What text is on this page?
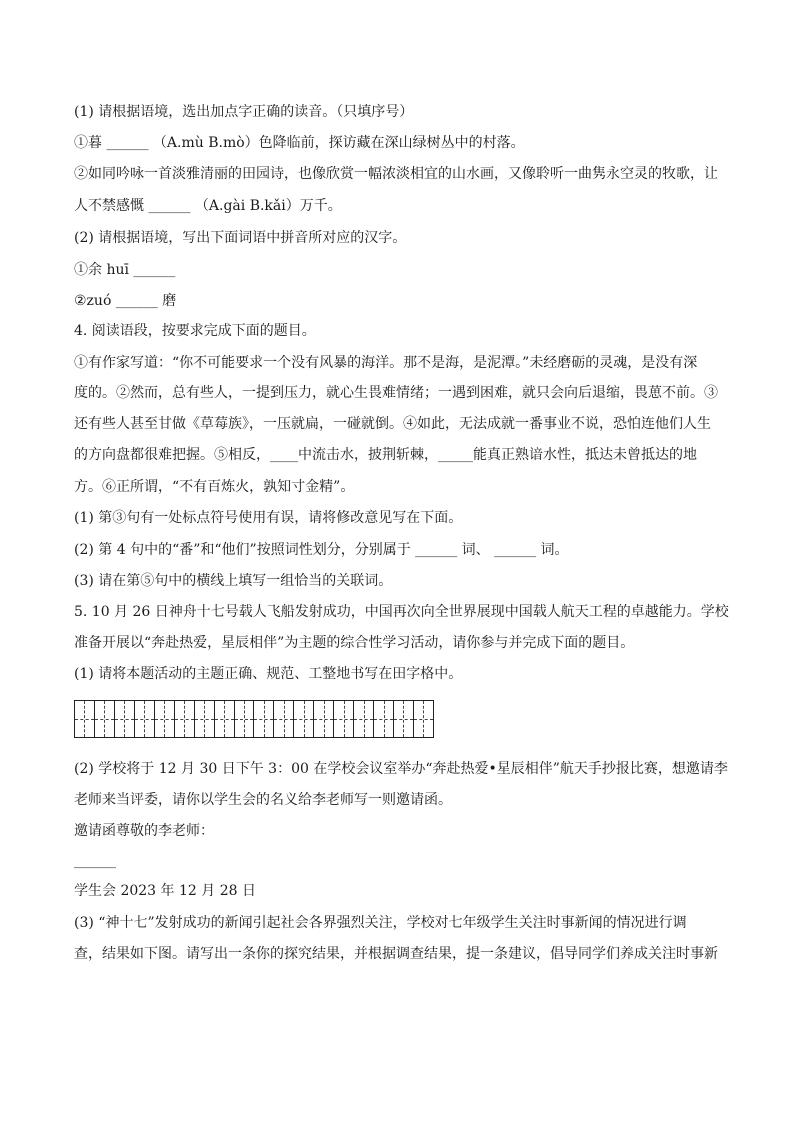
(1) 请根据语境，选出加点字正确的读音。（只填序号）
①暮 ______ （A.mù B.mò）色降临前，探访藏在深山绿树丛中的村落。
②如同吟咏一首淡雅清丽的田园诗，也像欣赏一幅浓淡相宜的山水画，又像聆听一曲隽永空灵的牧歌，让
人不禁感慨 ______ （A.gài B.kǎi）万千。
(2) 请根据语境，写出下面词语中拼音所对应的汉字。
①余 huī ______
②zuó ______ 磨
4. 阅读语段，按要求完成下面的题目。
①有作家写道：“你不可能要求一个没有风暴的海洋。那不是海，是泥潭。”未经磨砺的灵魂，是没有深
度的。②然而，总有些人，一提到压力，就心生畏难情绪；一遇到困难，就只会向后退缩，畏葸不前。③
还有些人甚至甘做《草莓族》，一压就扁，一碰就倒。④如此，无法成就一番事业不说，恐怕连他们人生
的方向盘都很难把握。⑤相反，____中流击水，披荆斩棘，_____能真正熟谙水性，抵达未曾抵达的地
方。⑥正所谓，“不有百炼火，孰知寸金精”。
(1) 第③句有一处标点符号使用有误，请将修改意见写在下面。
(2) 第 4 句中的“番”和“他们”按照词性划分，分别属于 ______ 词、 ______ 词。
(3) 请在第⑤句中的横线上填写一组恰当的关联词。
5. 10 月 26 日神舟十七号载人飞船发射成功，中国再次向全世界展现中国载人航天工程的卓越能力。学校
准备开展以“奔赴热爱，星辰相伴”为主题的综合性学习活动，请你参与并完成下面的题目。
(1) 请将本题活动的主题正确、规范、工整地书写在田字格中。
(2) 学校将于 12 月 30 日下午 3：00 在学校会议室举办“奔赴热爱•星辰相伴”航天手抄报比赛，想邀请李
老师来当评委，请你以学生会的名义给李老师写一则邀请函。
邀请函尊敬的李老师：
______
学生会 2023 年 12 月 28 日
(3) “神十七”发射成功的新闻引起社会各界强烈关注，学校对七年级学生关注时事新闻的情况进行调
查，结果如下图。请写出一条你的探究结果，并根据调查结果，提一条建议，倡导同学们养成关注时事新
